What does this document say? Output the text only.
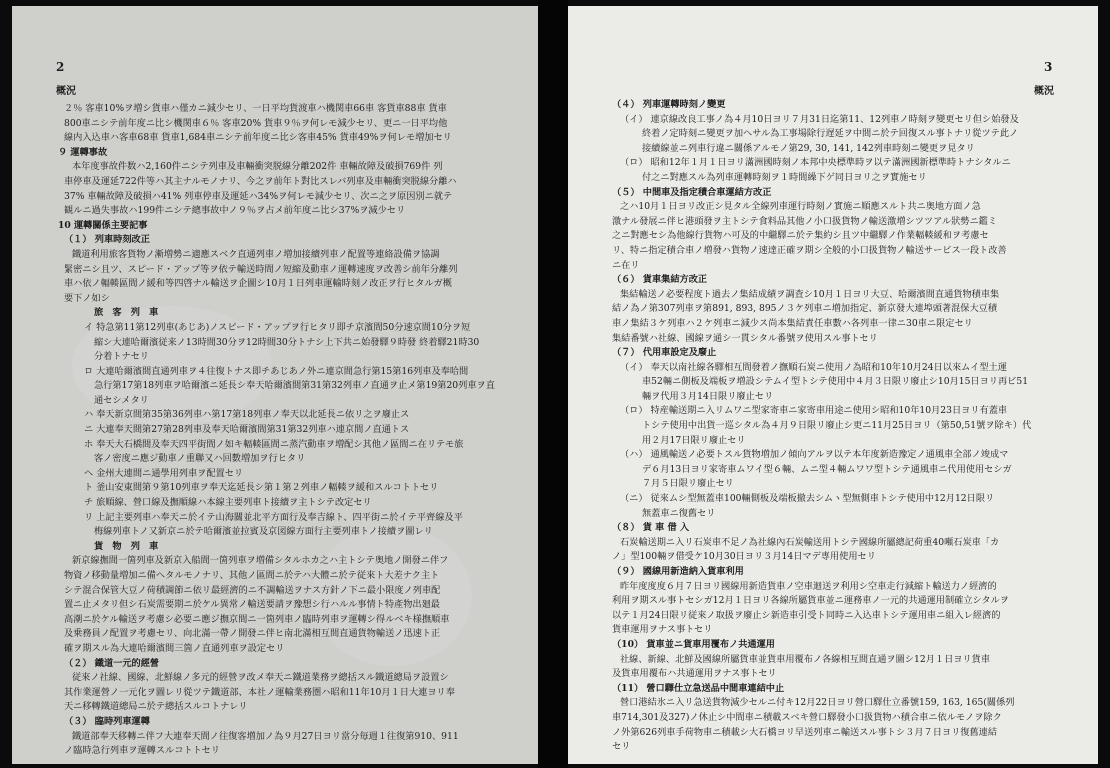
2
概況
２％ 客車10%ヲ増シ貨車ハ僅カニ減少セリ、一日平均貨渡車ハ機関車66車 客貨車88車 貨車
800車ニシテ前年度ニ比シ機関車６％ 客車20% 貨車９％ヲ何レモ減少セリ、更ニ一日平均他
線内入込車ハ客車68車 貨車1,684車ニシテ前年度ニ比シ客車45% 貨車49%ヲ何レモ増加セリ
９ 運轉事故
本年度事故件数ハ2,160件ニシテ列車及車輛衝突脱線分離202件 車輛故障及破損769件 列
車停車及運延722件等ハ其主ナルモノナリ、今之ヲ前年ト對比スレバ列車及車輛衝突脱線分離ハ
37% 車輛故障及破損ハ41% 列車停車及運延ハ34%ヲ何レモ減少セリ、次ニ之ヲ原因別ニ就テ
観ルニ過失事故ハ199件ニシテ總事故中ノ９％ヲ占メ前年度ニ比シ37%ヲ減少セリ
10 運轉關係主要記事
（１） 列車時刻改正
鐵道利用旅客貨物ノ漸増勢ニ適應スベク直通列車ノ増加接續列車ノ配置等連絡設備ヲ協調
緊密ニシ且ツ、スピード・アップ等ヲ依テ輸送時間ノ短縮及動車ノ運轉速度ヲ改善シ前年分離列
車ハ依ノ輻輳區間ノ緩和等四啓ナル輸送ヲ企圖シ10月１日列車運輸時刻ノ改正ヲ行ヒタルガ概
要下ノ如シ
旅 客 列 車
イ 特急第11第12列車(あじあ)ノスピード・アップヲ行ヒタリ即チ京濱間50分速京間10分ヲ短
縮シ大連哈爾濱従来ノ13時間30分ヲ12時間30分トナシ上下共ニ始發驛９時發 終着驛21時30
分着トナセリ
ロ 大連哈爾濱間直通列車ヲ４往復トナス即チあじあノ外ニ連京間急行第15第16列車及奉哈間
急行第17第18列車ヲ哈爾濱ニ延長シ奉天哈爾濱間第31第32列車ノ直通ヲ止メ第19第20列車ヲ直
通セシメタリ
ハ 奉天新京間第35第36列車ハ第17第18列車ノ奉天以北延長ニ依リ之ヲ廢止ス
ニ 大連奉天間第27第28列車及奉天哈爾濱間第31第32列車ハ連京間ノ直通トス
ホ 奉天大石橋間及奉天四平街間ノ如キ輻輳區間ニ蒸汽動車ヲ増配シ其他ノ區間ニ在リテモ旅
客ノ密度ニ應ジ動車ノ重聯又ハ回數増加ヲ行ヒタリ
ヘ 金州大連間ニ通學用列車ヲ配置セリ
ト 釜山安東間第９第10列車ヲ奉天迄延長シ第１第２列車ノ輻輳ヲ緩和スルコトトセリ
チ 旅順線、營口線及撫順線ハ本線主要列車ト接續ヲ主トシテ改定セリ
リ 上記主要列車ハ奉天ニ於イテ山海關並北平方面行及奉吉線ト、四平街ニ於イテ平齊線及平
梅線列車トノ又新京ニ於テ哈爾濱並拉賓及京図線方面行主要列車トノ接續ヲ圖レリ
貨 物 列 車
新京線撫間一箇列車及新京入船間一箇列車ヲ増備シタルホカ之ハ主トシテ奥地ノ開發ニ伴フ
物資ノ移動量増加ニ備ヘタルモノナリ、其他ノ區間ニ於テハ大體ニ於テ従來ト大差ナク主ト
シテ混合保管大豆ノ荷積調節ニ依リ最經濟的ニ不調輸送ヲナス方針ノ下ニ最小限度ノ列車配
置ニ止メタリ但シ石炭需要期ニ於ケル異常ノ輸送要請ヲ豫想シ行ハルル事情ト特產物出廻最
高潮ニ於ケル輸送ヲ考慮シ必要ニ應ジ撫京間ニ一箇列車ノ臨時列車ヲ運轉シ得ルベキ様撫順車
及乗務員ノ配置ヲ考慮セリ、向北滿一帶ノ開發ニ伴ヒ南北滿相互間直通貨物輸送ノ迅速ト正
確ヲ期スル為大連哈爾濱間三箇ノ直通列車ヲ設定セリ
（２） 鐵道一元的經營
従來ノ社線、國線、北鮮線ノ多元的經營ヲ改メ奉天ニ鐵道業務ヲ總括スル鐵道總局ヲ設置シ
其作業運營ノ一元化ヲ圖レリ從ツテ鐵道部、本社ノ運輸業務圏ハ昭和11年10月１日大連ヨリ奉
天ニ移轉鐵道總局ニ於テ總括スルコトナレリ
（３） 臨時列車運轉
鐵道部奉天移轉ニ伴フ大連奉天間ノ往復客増加ノ為９月27日ヨリ當分毎週１往復第910、911
ノ臨時急行列車ヲ運轉スルコトトセリ
3
概況
（４） 列車運轉時刻ノ變更
（イ） 連京線改良工事ノ為４月10日ヨリ７月31日迄第11、12列車ノ時刻ヲ變更セリ但シ始發及
終着ノ定時刻ニ變更ヲ加ヘサル為工事場除行遅延ヲ中間ニ於テ回復スル事トナリ從ツテ此ノ
接續線並ニ列車行違ニ關係アルモノ第29, 30, 141, 142列車時刻ニ變更ヲ見タリ
（ロ） 昭和12年１月１日ヨリ滿洲國時刻ノ本邦中央標準時ヲ以テ滿洲國新標準時トナシタルニ
付之ニ對應スル為列車運轉時刻ヲ１時間繰下ゲ同日ヨリ之ヲ實施セリ
（５） 中間車及指定積合車運結方改正
之ハ10月１日ヨリ改正シ見タル全線列車運行時刻ノ實施ニ順應スルト共ニ奥地方面ノ急
激ナル發展ニ伴ヒ港頭發ヲ主トシテ食料品其他ノ小口扱貨物ノ輸送激増シツツアル狀勢ニ鑑ミ
之ニ對應セシ為他線行貨物ハ可及的中繼驛ニ於テ集約シ且ツ中繼驛ノ作業輻輳緩和ヲ考慮セ
リ、特ニ指定積合車ノ増發ハ貨物ノ速達正確ヲ期シ全般的小口扱貨物ノ輸送サービス一段ト改善
ニ在リ
（６） 貨車集結方改正
集結輸送ノ必要程度ト過去ノ集結成績ヲ調査シ10月１日ヨリ大豆、哈爾濱間直通貨物積車集
結ノ為ノ第307列車ヲ第891, 893, 895ノ３ケ列車ニ増加指定、新京發大連埠頭著混保大豆積
車ノ集結３ケ列車ハ２ケ列車ニ減少ス尚本集結責任車數ハ各列車一律ニ30車ニ限定セリ
集結番號ハ社線、國線ヲ通シ一貫シタル番號ヲ使用スル事トセリ
（７） 代用車設定及廢止
（イ） 奉天以南社線各驛相互間發着ノ撫順石炭ニ使用ノ為昭和10年10月24日以來ムイ型土運
車52輛ニ側板及端板ヲ増設シテムイ型トシテ使用中４月３日限リ廢止シ10月15日ヨリ再ビ51
輛ヲ代用３月14日限リ廢止セリ
（ロ） 特産輸送期ニ入リムワニ型家寄車ニ家寄車用途ニ使用シ昭和10年10月23日ヨリ有蓋車
トシテ使用中出貨一巡シタル為４月９日限リ廢止シ更ニ11月25日ヨリ（第50,51號ヲ除キ）代
用２月17日限リ廢止セリ
（ハ） 通風輸送ノ必要トスル貨物増加ノ傾向アルヲ以テ本年度新造豫定ノ通風車全部ノ竣成マ
デ６月13日ヨリ家寄車ムワイ型６輛、ムニ型４輛ムワワ型トシテ通風車ニ代用使用セシガ
７月５日限リ廢止セリ
（ニ） 従來ムシ型無蓋車100輛側板及端板撤去シムヽ型無側車トシテ使用中12月12日限リ
無蓋車ニ復舊セリ
（８） 貨 車 借 入
石炭輸送期ニ入リ石炭車不足ノ為社線內石炭輸送用トシテ國線所屬總記荷重40噸石炭車「カ
ノ」型100輛ヲ借受ケ10月30日ヨリ３月14日マデ専用使用セリ
（９） 國線用新造納入貨車利用
昨年度度度６月７日ヨリ國線用新造貨車ノ空車迴送ヲ利用シ空車走行減縮ト輸送力ノ經濟的
利用ヲ期スル事トセシガ12月１日ヨリ各線所屬貨車並ニ運務車ノ一元的共通運用制確立シタルヲ
以テ１月24日限リ従來ノ取扱ヲ廢止シ新造車引受ト同時ニ入込車トシテ運用車ニ組入レ經濟的
貨車運用ヲナス事トセリ
（10） 貨車並ニ貨車用覆布ノ共通運用
社線、新線、北鮮及國線所屬貨車並貨車用覆布ノ各線相互間直通ヲ圖シ12月１日ヨリ貨車
及貨車用覆布ハ共通運用ヲナス事トセリ
（11） 營口驛仕立急送品中間車連結中止
營口港結氷ニ入リ急送貨物減少セルニ付キ12月22日ヨリ營口驛仕立番號159, 163, 165(關係列
車714,301及327)ノ休止シ中間車ニ積載スベキ營口驛發小口扱貨物ハ積合車ニ依ルモノヲ除ク
ノ外第626列車手荷物車ニ積載シ大石橋ヨリ早送列車ニ輸送スル事トシ３月７日ヨリ復舊連結
セリ
